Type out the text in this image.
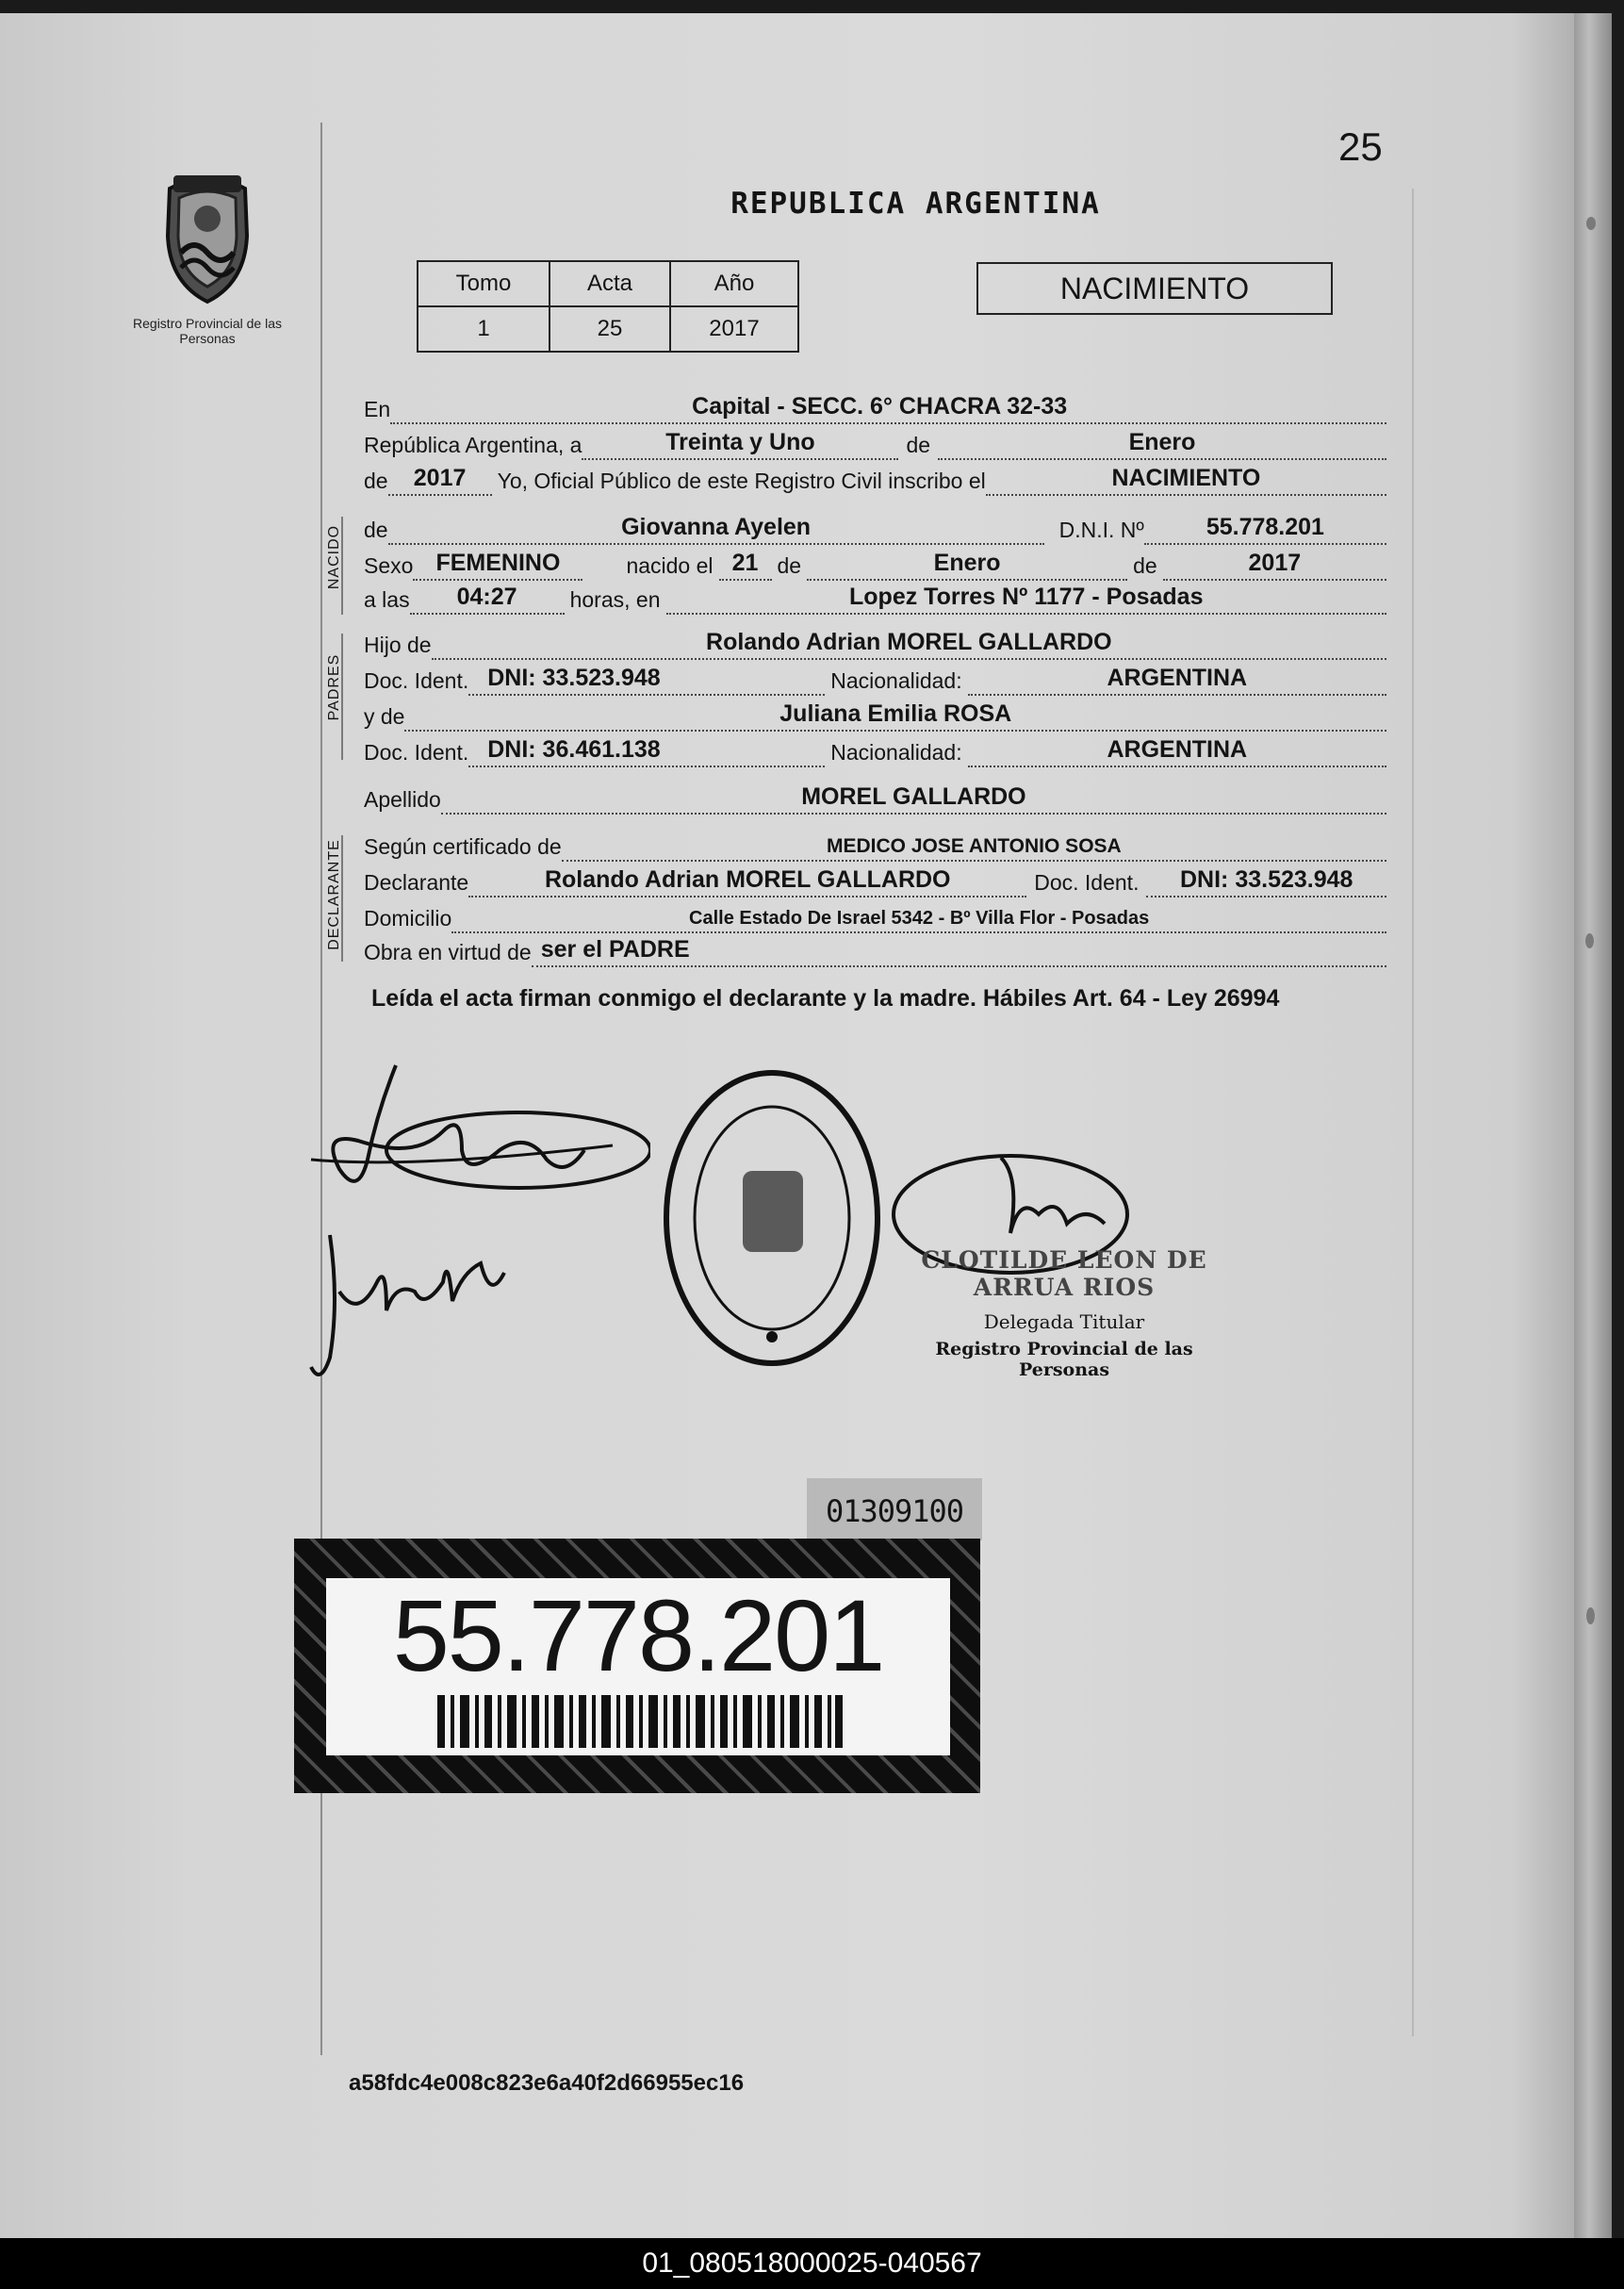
25
Registro Provincial de las Personas
REPUBLICA ARGENTINA
Tomo	Acta	Año
1	25	2017
NACIMIENTO
En	Capital - SECC. 6° CHACRA 32-33
República Argentina, a	Treinta y Uno	de	Enero
de 2017 Yo, Oficial Público de este Registro Civil inscribo el	NACIMIENTO
NACIDO de	Giovanna Ayelen	D.N.I. Nº	55.778.201
Sexo FEMENINO	nacido el 21 de	Enero	de	2017
a las 04:27 horas, en	Lopez Torres Nº 1177 - Posadas
PADRES
Hijo de	Rolando Adrian MOREL GALLARDO
Doc. Ident. DNI: 33.523.948	Nacionalidad:	ARGENTINA
y de	Juliana Emilia ROSA
Doc. Ident. DNI: 36.461.138	Nacionalidad:	ARGENTINA
Apellido	MOREL GALLARDO
DECLARANTE Según certificado de	MEDICO JOSE ANTONIO SOSA
Declarante	Rolando Adrian MOREL GALLARDO	Doc. Ident. DNI: 33.523.948
Domicilio	Calle Estado De Israel 5342 - Bº Villa Flor - Posadas
Obra en virtud de ser el PADRE
Leída el acta firman conmigo el declarante y la madre. Hábiles Art. 64 - Ley 26994
CLOTILDE LEON DE ARRUA RIOS
Delegada Titular
Registro Provincial de las Personas
01309100
55.778.201
a58fdc4e008c823e6a40f2d66955ec16
01_080518000025-040567
